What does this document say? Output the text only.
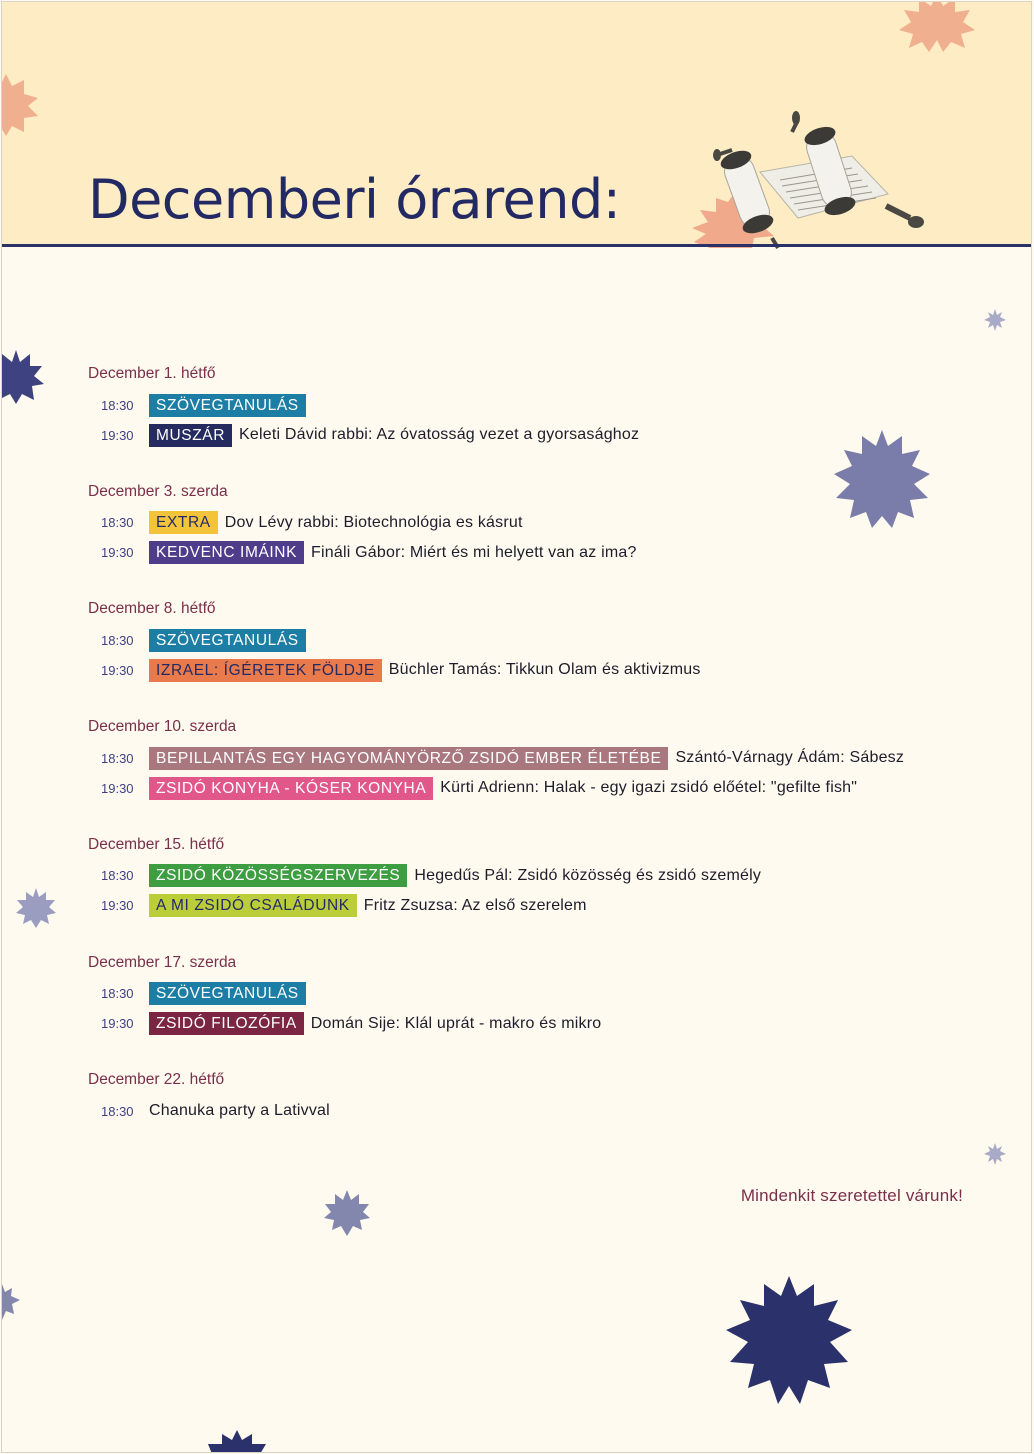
Decemberi órarend:
December 1. hétfő
18:30	SZÖVEGTANULÁS
19:30	MUSZÁR Keleti Dávid rabbi: Az óvatosság vezet a gyorsasághoz
December 3. szerda
18:30	EXTRA Dov Lévy rabbi: Biotechnológia es kásrut
19:30	KEDVENC IMÁINK Fináli Gábor: Miért és mi helyett van az ima?
December 8. hétfő
18:30	SZÖVEGTANULÁS
19:30	IZRAEL: ÍGÉRETEK FÖLDJE Büchler Tamás: Tikkun Olam és aktivizmus
December 10. szerda
18:30	BEPILLANTÁS EGY HAGYOMÁNYÖRZŐ ZSIDÓ EMBER ÉLETÉBE Szántó-Várnagy Ádám: Sábesz
19:30	ZSIDÓ KONYHA - KÓSER KONYHA Kürti Adrienn: Halak - egy igazi zsidó előétel: "gefilte fish"
December 15. hétfő
18:30	ZSIDÓ KÖZÖSSÉGSZERVEZÉS Hegedűs Pál: Zsidó közösség és zsidó személy
19:30	A MI ZSIDÓ CSALÁDUNK Fritz Zsuzsa: Az első szerelem
December 17. szerda
18:30	SZÖVEGTANULÁS
19:30	ZSIDÓ FILOZÓFIA Domán Sije: Klál uprát - makro és mikro
December 22. hétfő
18:30 Chanuka party a Lativval
Mindenkit szeretettel várunk!
